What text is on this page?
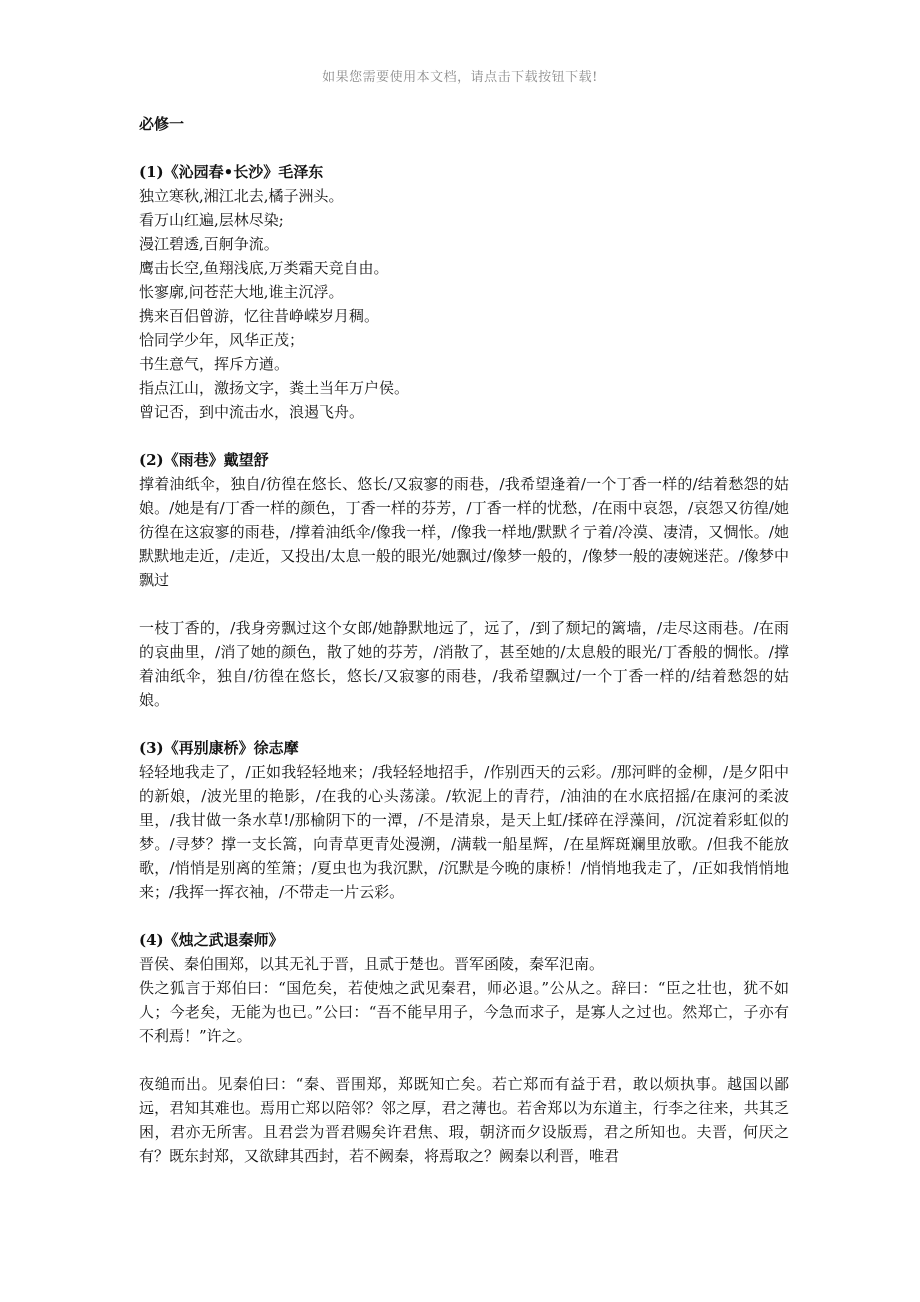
如果您需要使用本文档，请点击下载按钮下载!

必修一

(1)《沁园春•长沙》毛泽东

独立寒秋,湘江北去,橘子洲头。

看万山红遍,层林尽染;

漫江碧透,百舸争流。

鹰击长空,鱼翔浅底,万类霜天竞自由。

怅寥廓,问苍茫大地,谁主沉浮。

携来百侣曾游，忆往昔峥嵘岁月稠。

恰同学少年，风华正茂；

书生意气，挥斥方遒。

指点江山，激扬文字，粪土当年万户侯。

曾记否，到中流击水，浪遏飞舟。

(2)《雨巷》戴望舒

撑着油纸伞，独自/彷徨在悠长、悠长/又寂寥的雨巷，/我希望逢着/一个丁香一样的/结着愁怨的姑娘。/她是有/丁香一样的颜色，丁香一样的芬芳，/丁香一样的忧愁，/在雨中哀怨，/哀怨又彷徨/她彷徨在这寂寥的雨巷，/撑着油纸伞/像我一样，/像我一样地/默默彳亍着/冷漠、凄清，又惆怅。/她默默地走近，/走近，又投出/太息一般的眼光/她飘过/像梦一般的，/像梦一般的凄婉迷茫。/像梦中飘过

一枝丁香的，/我身旁飘过这个女郎/她静默地远了，远了，/到了颓圮的篱墙，/走尽这雨巷。/在雨的哀曲里，/消了她的颜色，散了她的芬芳，/消散了，甚至她的/太息般的眼光/丁香般的惆怅。/撑着油纸伞，独自/彷徨在悠长，悠长/又寂寥的雨巷，/我希望飘过/一个丁香一样的/结着愁怨的姑娘。

(3)《再别康桥》徐志摩

轻轻地我走了，/正如我轻轻地来；/我轻轻地招手，/作别西天的云彩。/那河畔的金柳，/是夕阳中的新娘，/波光里的艳影，/在我的心头荡漾。/软泥上的青荇，/油油的在水底招摇/在康河的柔波里，/我甘做一条水草!/那榆阴下的一潭，/不是清泉，是天上虹/揉碎在浮藻间，/沉淀着彩虹似的梦。/寻梦？撑一支长篙，向青草更青处漫溯，/满载一船星辉，/在星辉斑斓里放歌。/但我不能放歌，/悄悄是别离的笙箫；/夏虫也为我沉默，/沉默是今晚的康桥！/悄悄地我走了，/正如我悄悄地来；/我挥一挥衣袖，/不带走一片云彩。

(4)《烛之武退秦师》

晋侯、秦伯围郑，以其无礼于晋，且贰于楚也。晋军函陵，秦军氾南。

佚之狐言于郑伯曰：“国危矣，若使烛之武见秦君，师必退。”公从之。辞曰：“臣之壮也，犹不如人；今老矣，无能为也已。”公曰：“吾不能早用子，今急而求子，是寡人之过也。然郑亡，子亦有不利焉！”许之。

夜缒而出。见秦伯曰：“秦、晋围郑，郑既知亡矣。若亡郑而有益于君，敢以烦执事。越国以鄙远，君知其难也。焉用亡郑以陪邻？邻之厚，君之薄也。若舍郑以为东道主，行李之往来，共其乏困，君亦无所害。且君尝为晋君赐矣许君焦、瑕，朝济而夕设版焉，君之所知也。夫晋，何厌之有？既东封郑，又欲肆其西封，若不阙秦，将焉取之？阙秦以利晋，唯君
